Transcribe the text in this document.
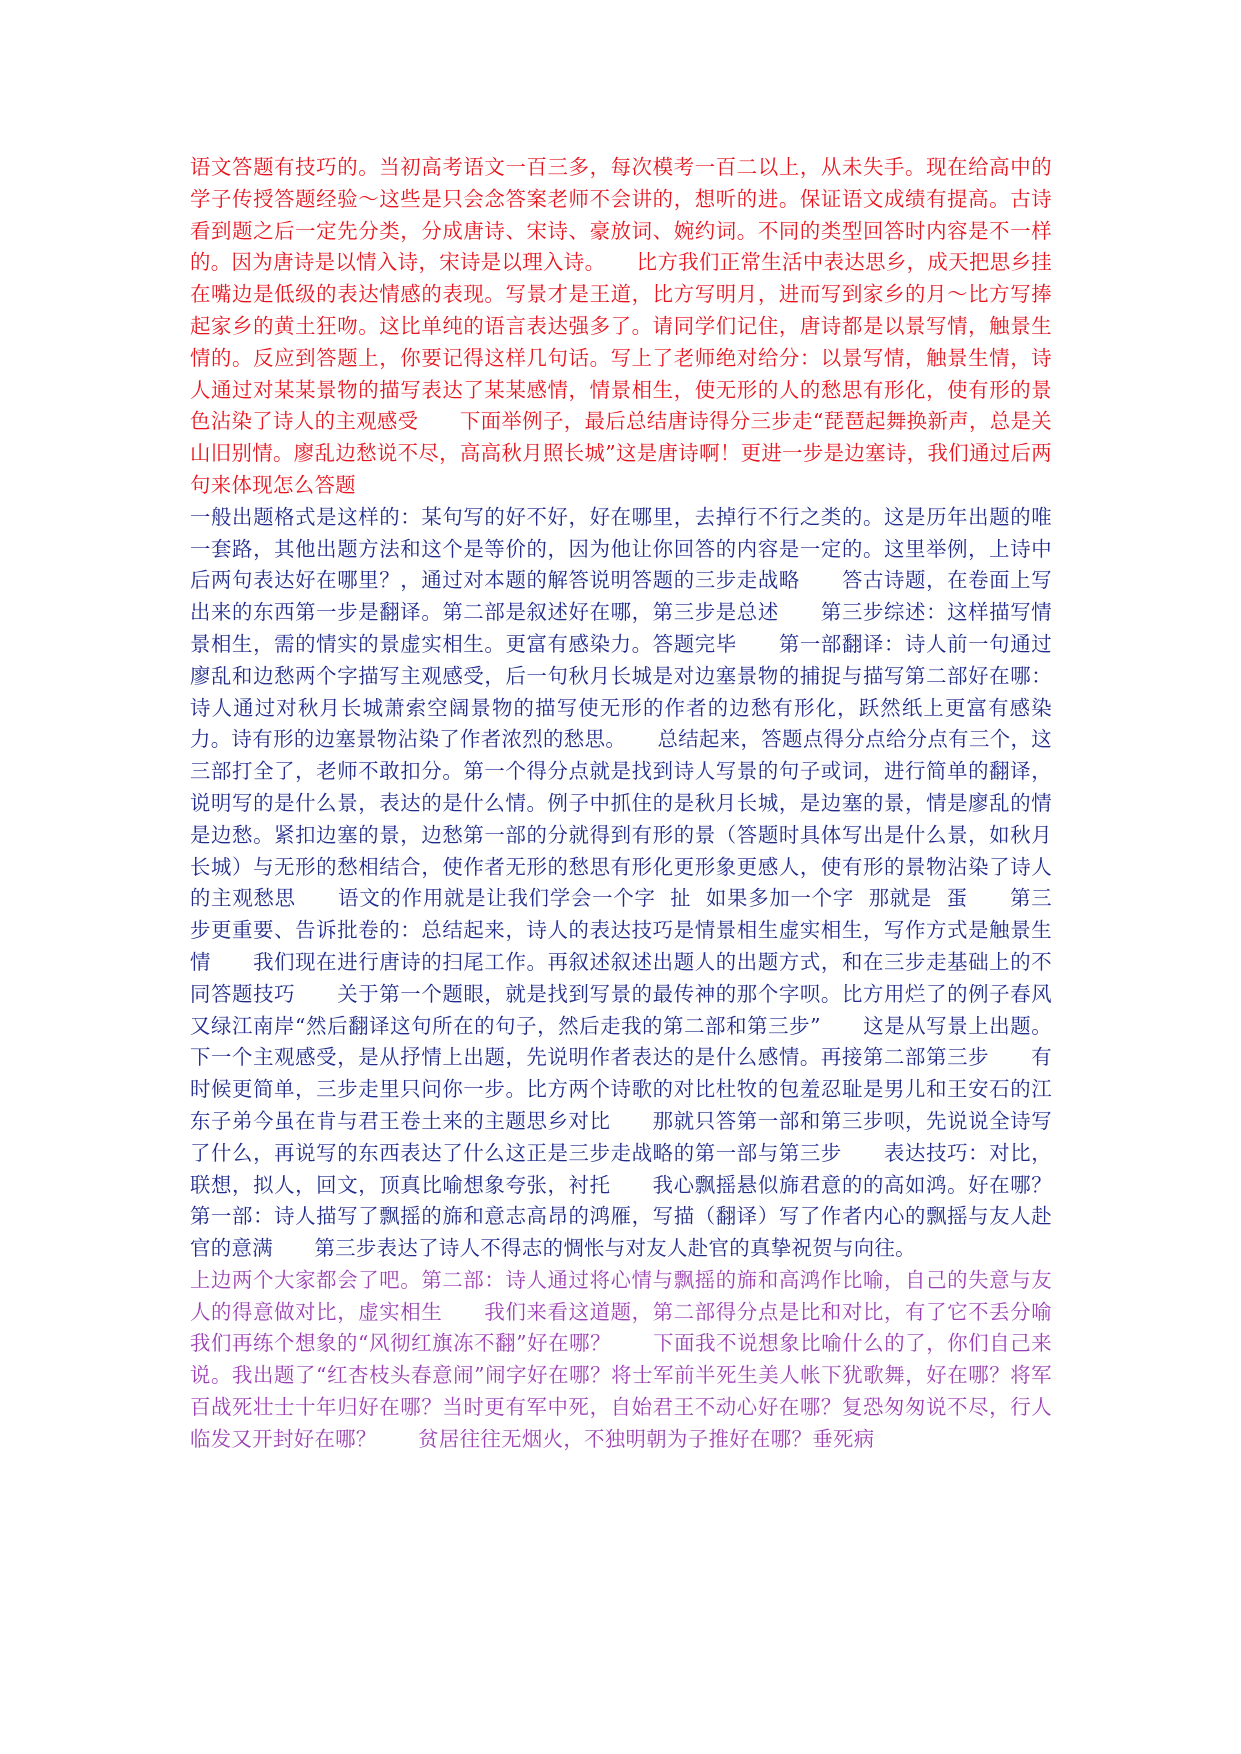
语文答题有技巧的。当初高考语文一百三多，每次模考一百二以上，从未失手。现在给高中的学子传授答题经验～这些是只会念答案老师不会讲的，想听的进。保证语文成绩有提高。古诗看到题之后一定先分类，分成唐诗、宋诗、豪放词、婉约词。不同的类型回答时内容是不一样的。因为唐诗是以情入诗，宋诗是以理入诗。　　比方我们正常生活中表达思乡，成天把思乡挂在嘴边是低级的表达情感的表现。写景才是王道，比方写明月，进而写到家乡的月～比方写捧起家乡的黄土狂吻。这比单纯的语言表达强多了。请同学们记住，唐诗都是以景写情，触景生情的。反应到答题上，你要记得这样几句话。写上了老师绝对给分：以景写情，触景生情，诗人通过对某某景物的描写表达了某某感情，情景相生，使无形的人的愁思有形化，使有形的景色沾染了诗人的主观感受　　下面举例子，最后总结唐诗得分三步走“琵琶起舞换新声，总是关山旧别情。廖乱边愁说不尽，高高秋月照长城”这是唐诗啊！更进一步是边塞诗，我们通过后两句来体现怎么答题

一般出题格式是这样的：某句写的好不好，好在哪里，去掉行不行之类的。这是历年出题的唯一套路，其他出题方法和这个是等价的，因为他让你回答的内容是一定的。这里举例，上诗中后两句表达好在哪里？，通过对本题的解答说明答题的三步走战略　　答古诗题，在卷面上写出来的东西第一步是翻译。第二部是叙述好在哪，第三步是总述　　第三步综述：这样描写情景相生，需的情实的景虚实相生。更富有感染力。答题完毕　　第一部翻译：诗人前一句通过廖乱和边愁两个字描写主观感受，后一句秋月长城是对边塞景物的捕捉与描写第二部好在哪：诗人通过对秋月长城萧索空阔景物的描写使无形的作者的边愁有形化，跃然纸上更富有感染力。诗有形的边塞景物沾染了作者浓烈的愁思。　　总结起来，答题点得分点给分点有三个，这三部打全了，老师不敢扣分。第一个得分点就是找到诗人写景的句子或词，进行简单的翻译，说明写的是什么景，表达的是什么情。例子中抓住的是秋月长城，是边塞的景，情是廖乱的情是边愁。紧扣边塞的景，边愁第一部的分就得到有形的景（答题时具体写出是什么景，如秋月长城）与无形的愁相结合，使作者无形的愁思有形化更形象更感人，使有形的景物沾染了诗人的主观愁思　　语文的作用就是让我们学会一个字  扯  如果多加一个字  那就是  蛋　　第三步更重要、告诉批卷的：总结起来，诗人的表达技巧是情景相生虚实相生，写作方式是触景生情　　我们现在进行唐诗的扫尾工作。再叙述叙述出题人的出题方式，和在三步走基础上的不同答题技巧　　关于第一个题眼，就是找到写景的最传神的那个字呗。比方用烂了的例子春风又绿江南岸“然后翻译这句所在的句子，然后走我的第二部和第三步”　　这是从写景上出题。下一个主观感受，是从抒情上出题，先说明作者表达的是什么感情。再接第二部第三步　　有时候更简单，三步走里只问你一步。比方两个诗歌的对比杜牧的包羞忍耻是男儿和王安石的江东子弟今虽在肯与君王卷土来的主题思乡对比　　那就只答第一部和第三步呗，先说说全诗写了什么，再说写的东西表达了什么这正是三步走战略的第一部与第三步　　表达技巧：对比，联想，拟人，回文，顶真比喻想象夸张，衬托　　我心飘摇悬似旆君意的的高如鸿。好在哪？第一部：诗人描写了飘摇的旆和意志高昂的鸿雁，写描（翻译）写了作者内心的飘摇与友人赴官的意满　　第三步表达了诗人不得志的惆怅与对友人赴官的真挚祝贺与向往。

上边两个大家都会了吧。第二部：诗人通过将心情与飘摇的旆和高鸿作比喻，自己的失意与友人的得意做对比，虚实相生　　我们来看这道题，第二部得分点是比和对比，有了它不丢分喻　　我们再练个想象的“风彻红旗冻不翻”好在哪？　　下面我不说想象比喻什么的了，你们自己来说。我出题了“红杏枝头春意闹”闹字好在哪？将士军前半死生美人帐下犹歌舞，好在哪？将军百战死壮士十年归好在哪？当时更有军中死，自始君王不动心好在哪？复恐匆匆说不尽，行人临发又开封好在哪？　　贫居往往无烟火，不独明朝为子推好在哪？垂死病
